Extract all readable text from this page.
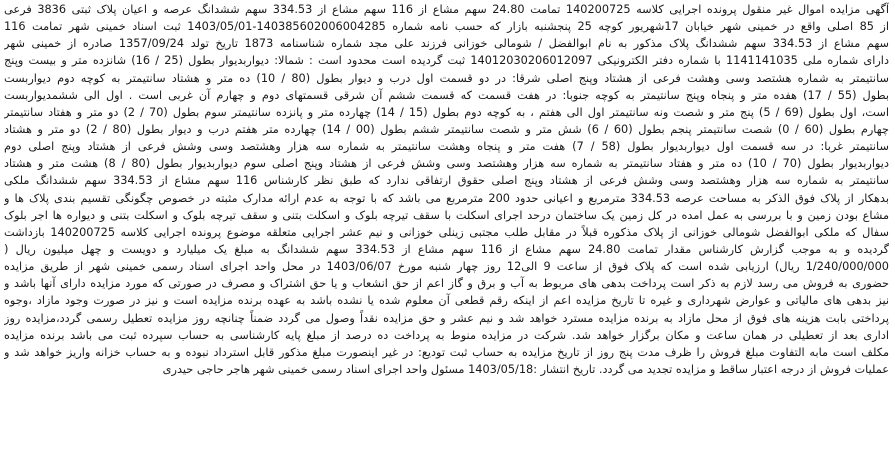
آگهی مزایده اموال غیر منقول پرونده اجرایی کلاسه 140200725 تمامت 24.80 سهم مشاع از 116 سهم مشاع از 334.53 سهم ششدانگ عرصه و اعیان پلاک ثبتی 3836 فرعی
از 85 اصلی واقع در خمینی شهر خیابان 17شهریور کوچه 25 پنجشنبه بازار که حسب نامه شماره 140385602006004285-1403/05/01 ثبت اسناد خمینی شهر تمامت 116
سهم مشاع از 334.53 سهم ششدانگ پلاک مذکور به نام ابوالفضل / شومالی خوزانی فرزند علی مجد شماره شناسنامه 1873 تاریخ تولد 1357/09/24 صادره از خمینی شهر
دارای شماره ملی 1141141035 با شماره دفتر الکترونیکی 14012030206012097 ثبت گردیده است محدود است : شمالا: دیواربدیوار بطول (25 / 16) شانزده متر و بیست وپنج
سانتیمتر به شماره هشتصد وسی وهشت فرعی از هشتاد وپنج اصلی شرقا: در دو قسمت اول درب و دیوار بطول (80 / 10) ده متر و هشتاد سانتیمتر به کوچه دوم دیواربست
بطول (55 / 17) هفده متر و پنجاه وپنج سانتیمتر به کوچه جنوبا: در هفت قسمت که قسمت ششم آن شرقی قسمتهای دوم و چهارم آن غربی است . اول الی ششمدیواربست
است، اول بطول (69 / 5) پنج متر و شصت ونه سانتیمتر اول الی هفتم ، به کوچه دوم بطول (15 / 14) چهارده متر و پانزده سانتیمتر سوم بطول (70 / 2) دو متر و هفتاد سانتیمتر
چهارم بطول (60 / 0) شصت سانتیمتر پنجم بطول (60 / 6) شش متر و شصت سانتیمتر ششم بطول (00 / 14) چهارده متر هفتم درب و دیوار بطول (80 / 2) دو متر و هشتاد
سانتیمتر غربا: در سه قسمت اول دیواربدیوار بطول (58 / 7) هفت متر و پنجاه وهشت سانتیمتر به شماره سه هزار وهشتصد وسی وشش فرعی از هشتاد وپنج اصلی دوم
دیواربدیوار بطول (70 / 10) ده متر و هفتاد سانتیمتر به شماره سه هزار وهشتصد وسی وشش فرعی از هشتاد وپنج اصلی سوم دیواربدیوار بطول (80 / 8) هشت متر و هشتاد
سانتیمتر به شماره سه هزار وهشتصد وسی وشش فرعی از هشتاد وپنج اصلی حقوق ارتفاقی ندارد که طبق نظر کارشناس 116 سهم مشاع از 334.53 سهم ششدانگ ملکی
بدهکار از پلاک فوق الذکر به مساحت عرصه 334.53 مترمربع و اعیانی حدود 200 مترمربع می باشد که با توجه به عدم ارائه مدارک مثبته در خصوص چگونگی تقسیم بندی پلاک ها و
مشاع بودن زمین و با بررسی به عمل امده در کل زمین یک ساختمان درحد اجرای اسکلت با سقف تیرچه بلوک و اسکلت بتنی و سقف تیرچه بلوک و اسکلت بتنی و دیواره ها اجر بلوک
سفال که ملکی ابوالفضل شومالی خوزانی از پلاک مذکوره قبلاً در مقابل طلب مجتبی زینلی خوزانی و نیم عشر اجرایی متعلقه موضوع پرونده اجرایی کلاسه 140200725 بازداشت
گردیده و به موجب گزارش کارشناس مقدار تمامت 24.80 سهم مشاع از 116 سهم مشاع از 334.53 سهم ششدانگ به مبلغ یک میلیارد و دویست و چهل میلیون ریال (
1/240/000/000 ریال) ارزیابی شده است که پلاک فوق از ساعت 9 الی12 روز چهار شنبه مورخ 1403/06/07 در محل واحد اجرای اسناد رسمی خمینی شهر از طریق مزایده
حضوری به فروش می رسد لازم به ذکر است پرداخت بدهی های مربوط به آب و برق و گاز اعم از حق انشعاب و یا حق اشتراک و مصرف در صورتی که مورد مزایده دارای آنها باشد و
نیز بدهی های مالیاتی و عوارض شهرداری و غیره تا تاریخ مزایده اعم از اینکه رقم قطعی آن معلوم شده یا نشده باشد به عهده برنده مزایده است و نیز در صورت وجود مازاد ،وجوه
پرداختی بابت هزینه های فوق از محل مازاد به برنده مزایده مسترد خواهد شد و نیم عشر و حق مزایده نقداً وصول می گردد ضمناً چنانچه روز مزایده تعطیل رسمی گردد،مزایده روز
اداری بعد از تعطیلی در همان ساعت و مکان برگزار خواهد شد. شرکت در مزایده منوط به پرداخت ده درصد از مبلغ پایه کارشناسی به حساب سپرده ثبت می باشد برنده مزایده
مکلف است مابه التفاوت مبلغ فروش را ظرف مدت پنج روز از تاریخ مزایده به حساب ثبت تودیع: در غیر اینصورت مبلغ مذکور قابل استرداد نبوده و به حساب خزانه واریز خواهد شد و
عملیات فروش از درجه اعتبار ساقط و مزایده تجدید می گردد. تاریخ انتشار :1403/05/18 مسئول واحد اجرای اسناد رسمی خمینی شهر هاجر حاجی حیدری
